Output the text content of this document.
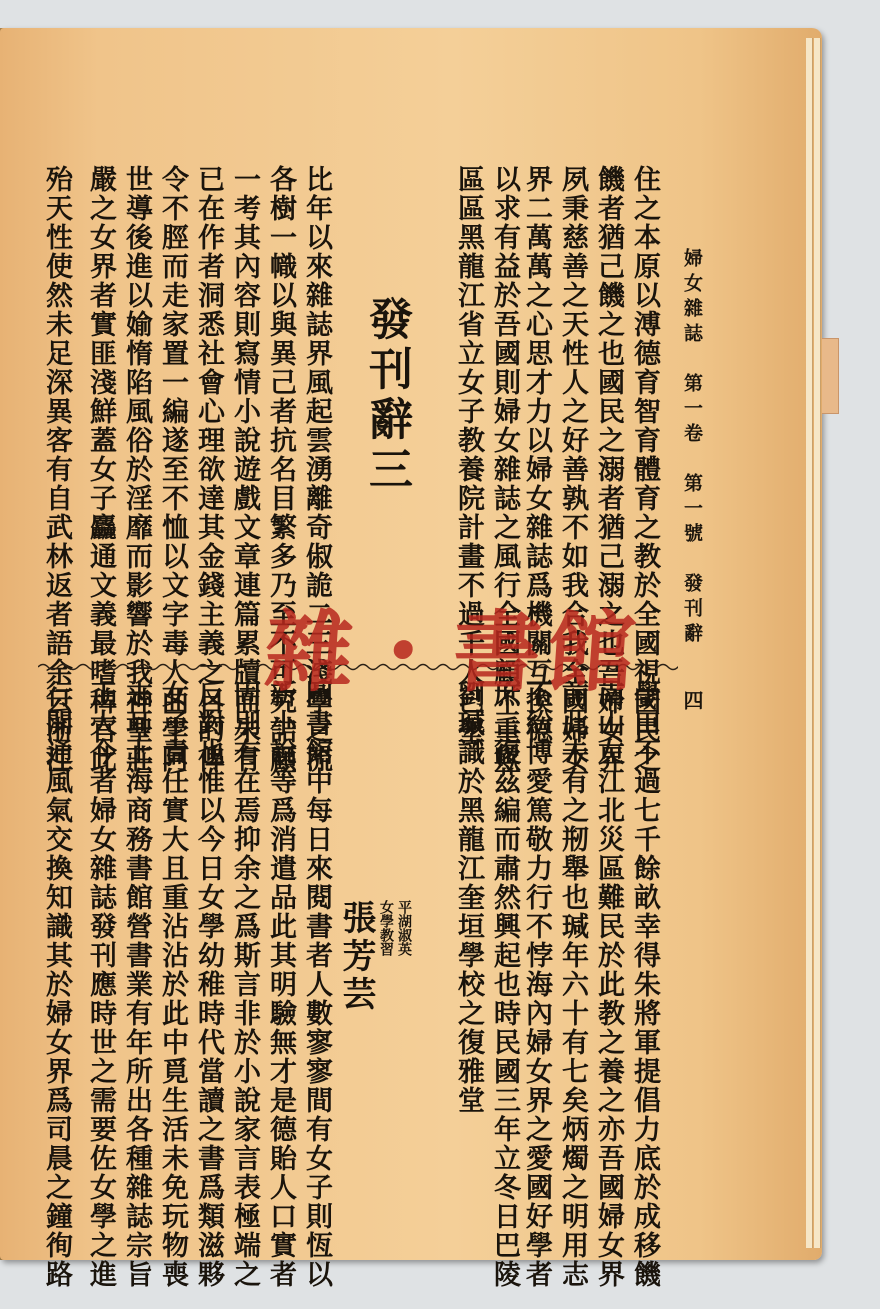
婦女雜誌　第一卷　第一號　發刊辭
四
住之本原以溥德育智育體育之教於全國視國民之
饑者猶己饑之也國民之溺者猶己溺之也吾婦女界
夙秉慈善之天性人之好善孰不如我合我全國婦女
界二萬萬之心思才力以婦女雜誌爲機關互換德
以求有益於吾國則婦女雜誌之風行全國顧不重歟
區區黑龍江省立女子教養院計畫不過千人已墾
學田不過七千餘畝幸得朱將軍提倡力底於成移饑
南山左江北災區難民於此教之養之亦吾國婦女界
前此未有之剏舉也瑊年六十有七矣炳燭之明用志
不紛博愛篤敬力行不悖海內婦女界之愛國好學者
庶三復茲編而肅然興起也時民國三年立冬日巴陵
劉瑊識於黑龍江奎垣學校之復雅堂
發刊辭三
平湖淑英
女學教習
張芳芸
比年以來雜誌界風起雲湧離奇俶詭二三淺學之流
各樹一幟以與異己者抗名目繁多乃至不可究詰顧
一考其內容則寫情小說遊戲文章連篇累牘而未有
已在作者洞悉社會心理欲達其金錢主義之目的俾
令不脛而走家置一編遂至不恤以文字毒人曲學阿
世導後進以媮惰陷風俗於淫靡而影響於我神聖莊
嚴之女界者實匪淺鮮蓋女子麤通文義最嗜稗官此
殆天性使然未足深異客有自武林返者語余云浙江
圖書館中每日來閱書者人數寥寥間有女子則恆以
新小說等爲消遣品此其明驗無才是德貽人口實者
固別有在焉抑余之爲斯言非於小說家言表極端之
反對也惟以今日女學幼稚時代當讀之書爲類滋夥
女子責任實大且重沾沾於此中覓生活未免玩物喪
志耳上海商務書館營書業有年所出各種雜誌宗旨
正大今者婦女雜誌發刊應時世之需要佐女學之進
行開通風氣交換知識其於婦女界爲司晨之鐘徇路
雜・書館
